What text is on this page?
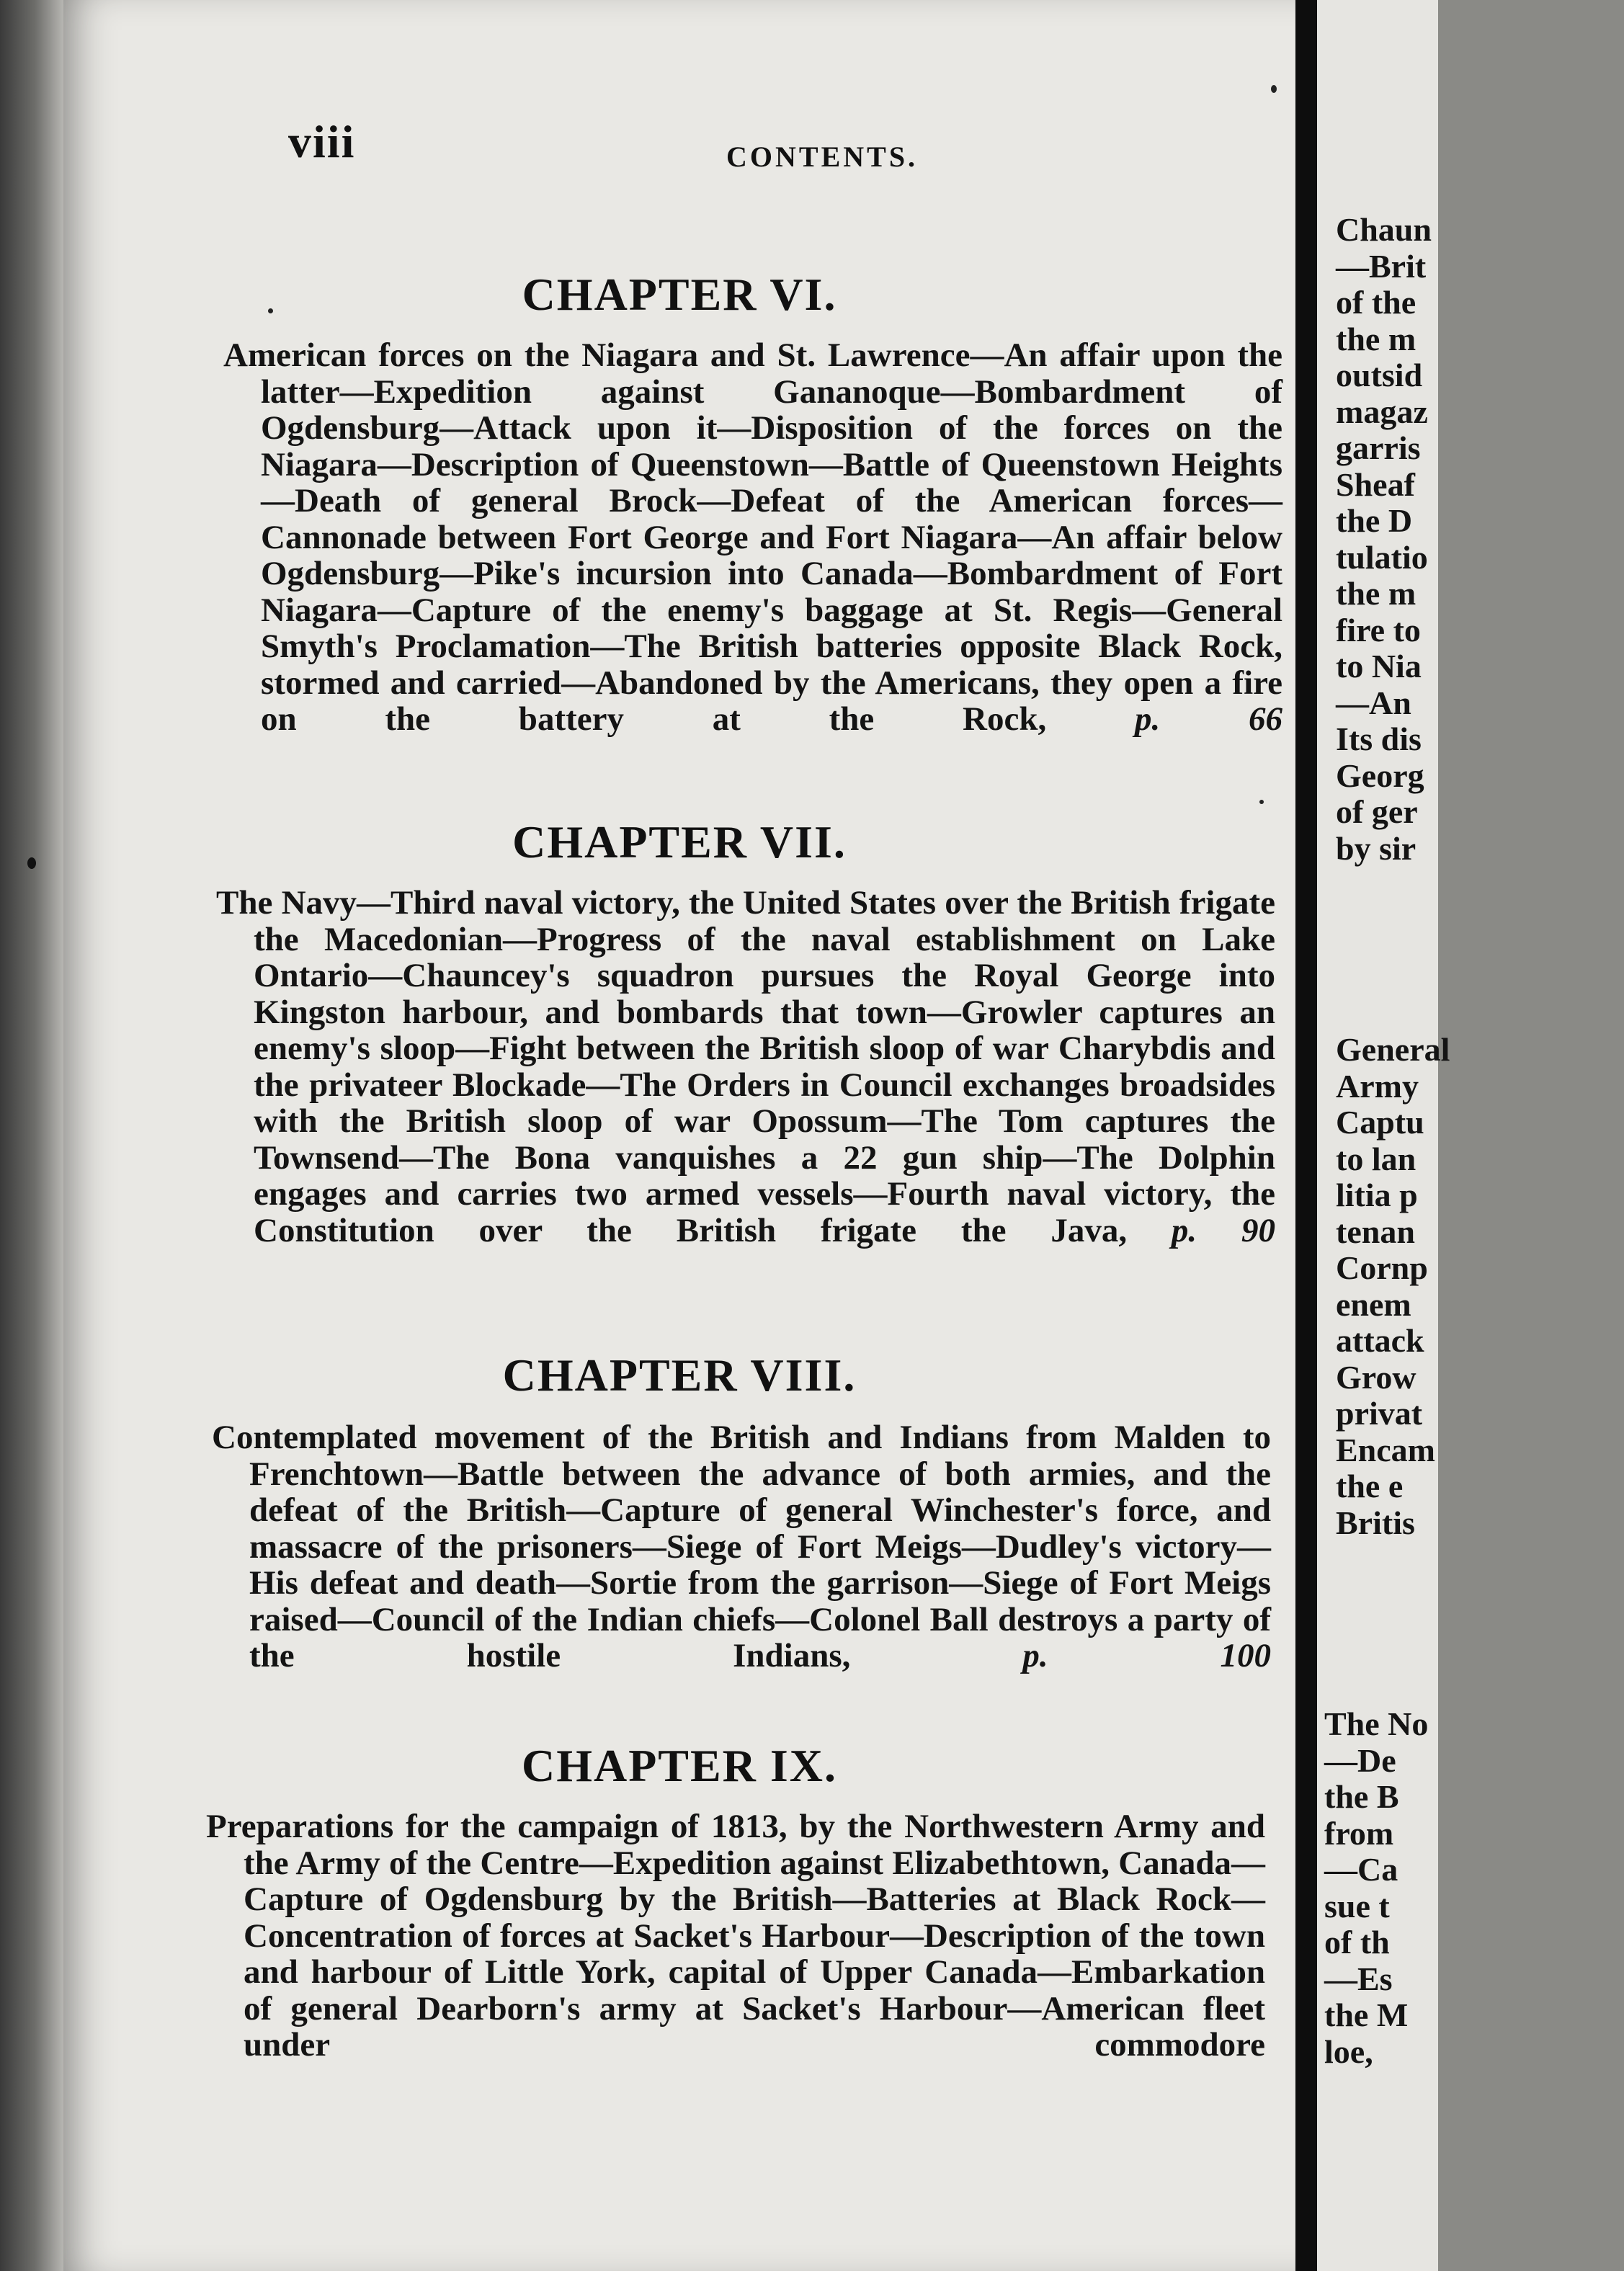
viii	CONTENTS.
CHAPTER VI.
American forces on the Niagara and St. Lawrence—An affair upon the latter—Expedition against Gananoque—Bombardment of Ogdensburg—Attack upon it—Disposition of the forces on the Niagara—Description of Queenstown—Battle of Queenstown Heights—Death of general Brock—Defeat of the American forces—Cannonade between Fort George and Fort Niagara—An affair below Ogdensburg—Pike's incursion into Canada—Bombardment of Fort Niagara—Capture of the enemy's baggage at St. Regis—General Smyth's Proclamation—The British batteries opposite Black Rock, stormed and carried—Abandoned by the Americans, they open a fire on the battery at the Rock,	p. 66
CHAPTER VII.
The Navy—Third naval victory, the United States over the British frigate the Macedonian—Progress of the naval establishment on Lake Ontario—Chauncey's squadron pursues the Royal George into Kingston harbour, and bombards that town—Growler captures an enemy's sloop—Fight between the British sloop of war Charybdis and the privateer Blockade—The Orders in Council exchanges broadsides with the British sloop of war Opossum—The Tom captures the Townsend—The Bona vanquishes a 22 gun ship—The Dolphin engages and carries two armed vessels—Fourth naval victory, the Constitution over the British frigate the Java, p. 90
CHAPTER VIII.
Contemplated movement of the British and Indians from Malden to Frenchtown—Battle between the advance of both armies, and the defeat of the British—Capture of general Winchester's force, and massacre of the prisoners—Siege of Fort Meigs—Dudley's victory—His defeat and death—Sortie from the garrison—Siege of Fort Meigs raised—Council of the Indian chiefs—Colonel Ball destroys a party of the hostile Indians,	p. 100
CHAPTER IX.
Preparations for the campaign of 1813, by the Northwestern Army and the Army of the Centre—Expedition against Elizabethtown, Canada—Capture of Ogdensburg by the British—Batteries at Black Rock—Concentration of forces at Sacket's Harbour—Description of the town and harbour of Little York, capital of Upper Canada—Embarkation of general Dearborn's army at Sacket's Harbour—American fleet under commodore
Chaun
—Brit
of the
the m
outsid
magaz
garris
Sheaf
the D
tulatio
the m
fire to
to Nia
—An
Its dis
Georg
of ger
by sir
General
Army
Captu
to lan
litia p
tenan
Cornp
enem
attack
Grow
privat
Encam
the e
Britis
The No
—De
the B
from
—Ca
sue t
of th
—Es
the M
loe,
